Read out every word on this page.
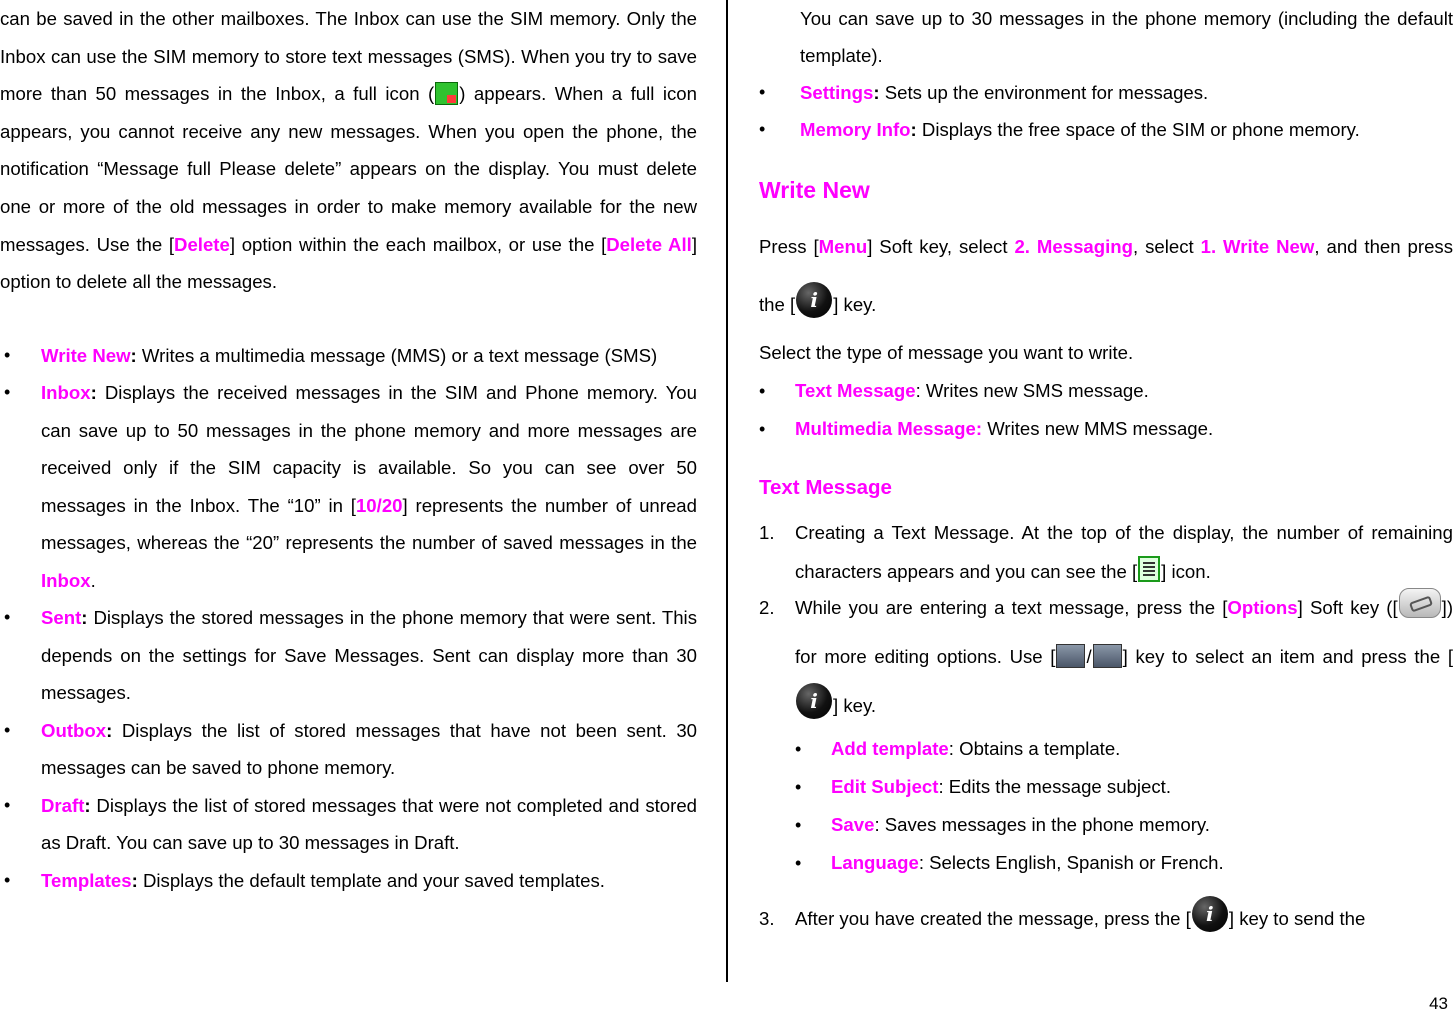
can be saved in the other mailboxes. The Inbox can use the SIM memory. Only the Inbox can use the SIM memory to store text messages (SMS). When you try to save more than 50 messages in the Inbox, a full icon ( ) appears. When a full icon appears, you cannot receive any new messages. When you open the phone, the notification “Message full Please delete” appears on the display. You must delete one or more of the old messages in order to make memory available for the new messages. Use the [Delete] option within the each mailbox, or use the [Delete All] option to delete all the messages.

• Write New: Writes a multimedia message (MMS) or a text message (SMS)
• Inbox: Displays the received messages in the SIM and Phone memory. You can save up to 50 messages in the phone memory and more messages are received only if the SIM capacity is available. So you can see over 50 messages in the Inbox. The “10” in [10/20] represents the number of unread messages, whereas the “20” represents the number of saved messages in the Inbox.
• Sent: Displays the stored messages in the phone memory that were sent. This depends on the settings for Save Messages. Sent can display more than 30 messages.
• Outbox: Displays the list of stored messages that have not been sent. 30 messages can be saved to phone memory.
• Draft: Displays the list of stored messages that were not completed and stored as Draft. You can save up to 30 messages in Draft.
• Templates: Displays the default template and your saved templates.

You can save up to 30 messages in the phone memory (including the default template).

• Settings: Sets up the environment for messages.
• Memory Info: Displays the free space of the SIM or phone memory.
Write New

Press [Menu] Soft key, select 2. Messaging, select 1. Write New, and then press the [ i ] key.

Select the type of message you want to write.

• Text Message: Writes new SMS message.
• Multimedia Message: Writes new MMS message.
Text Message
1. Creating a Text Message. At the top of the display, the number of remaining characters appears and you can see the [ ] icon.
2. While you are entering a text message, press the [Options] Soft key ([ ]) for more editing options. Use [ / ] key to select an item and press the [i ] key.
• Add template: Obtains a template.
• Edit Subject: Edits the message subject.
• Save: Saves messages in the phone memory.
• Language: Selects English, Spanish or French.
3. After you have created the message, press the [ i ] key to send the
43
